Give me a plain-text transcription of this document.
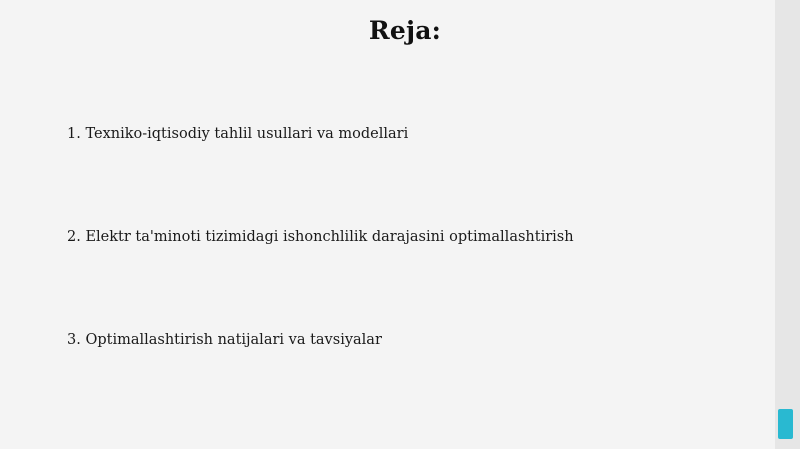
Reja:
1. Texniko-iqtisodiy tahlil usullari va modellari
2. Elektr ta'minoti tizimidagi ishonchlilik darajasini optimallashtirish
3. Optimallashtirish natijalari va tavsiyalar
